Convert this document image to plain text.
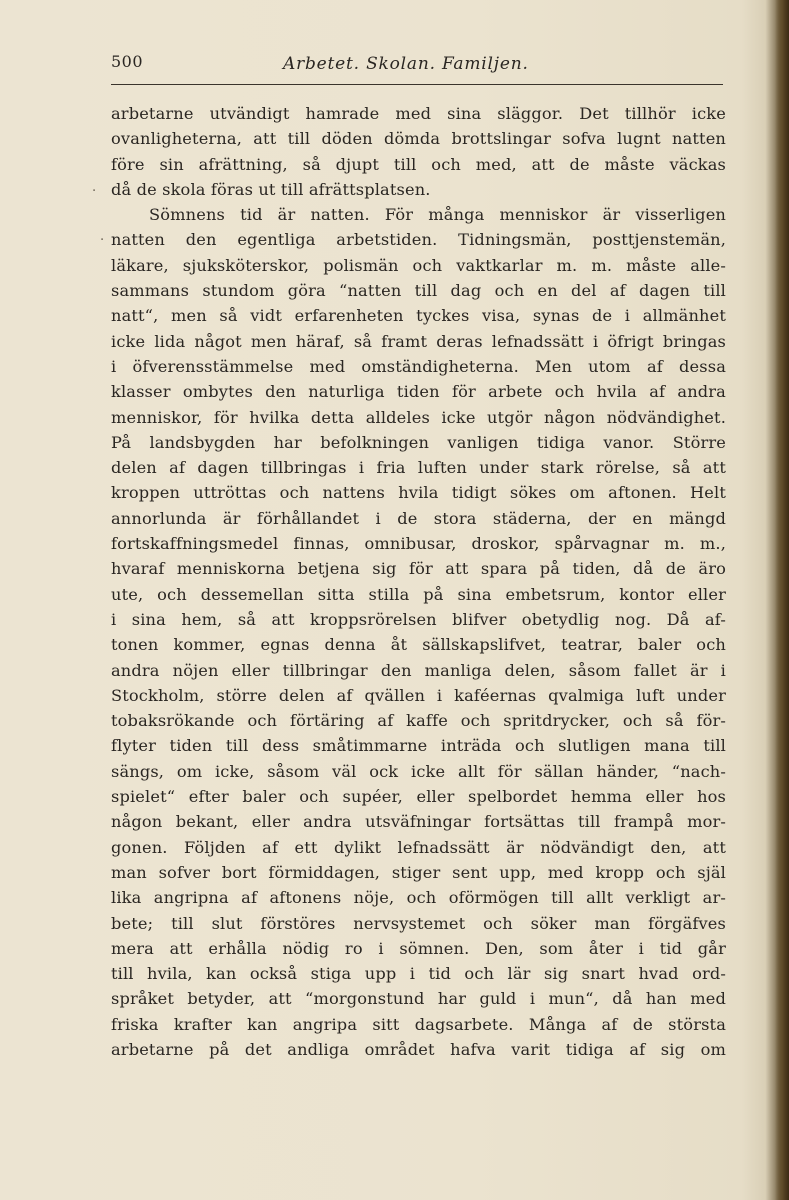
500	Arbetet. Skolan. Familjen.
.
.
arbetarne utvändigt hamrade med sina släggor. Det tillhör icke
ovanligheterna, att till döden dömda brottslingar sofva lugnt natten
före sin afrättning, så djupt till och med, att de måste väckas
då de skola föras ut till afrättsplatsen.
Sömnens tid är natten. För många menniskor är visserligen
natten den egentliga arbetstiden. Tidningsmän, posttjenstemän,
läkare, sjuksköterskor, polismän och vaktkarlar m. m. måste alle-
sammans stundom göra “natten till dag och en del af dagen till
natt“, men så vidt erfarenheten tyckes visa, synas de i allmänhet
icke lida något men häraf, så framt deras lefnadssätt i öfrigt bringas
i öfverensstämmelse med omständigheterna. Men utom af dessa
klasser ombytes den naturliga tiden för arbete och hvila af andra
menniskor, för hvilka detta alldeles icke utgör någon nödvändighet.
På landsbygden har befolkningen vanligen tidiga vanor. Större
delen af dagen tillbringas i fria luften under stark rörelse, så att
kroppen uttröttas och nattens hvila tidigt sökes om aftonen. Helt
annorlunda är förhållandet i de stora städerna, der en mängd
fortskaffningsmedel finnas, omnibusar, droskor, spårvagnar m. m.,
hvaraf menniskorna betjena sig för att spara på tiden, då de äro
ute, och dessemellan sitta stilla på sina embetsrum, kontor eller
i sina hem, så att kroppsrörelsen blifver obetydlig nog. Då af-
tonen kommer, egnas denna åt sällskapslifvet, teatrar, baler och
andra nöjen eller tillbringar den manliga delen, såsom fallet är i
Stockholm, större delen af qvällen i kaféernas qvalmiga luft under
tobaksrökande och förtäring af kaffe och spritdrycker, och så för-
flyter tiden till dess småtimmarne inträda och slutligen mana till
sängs, om icke, såsom väl ock icke allt för sällan händer, “nach-
spielet“ efter baler och supéer, eller spelbordet hemma eller hos
någon bekant, eller andra utsväfningar fortsättas till frampå mor-
gonen. Följden af ett dylikt lefnadssätt är nödvändigt den, att
man sofver bort förmiddagen, stiger sent upp, med kropp och själ
lika angripna af aftonens nöje, och oförmögen till allt verkligt ar-
bete; till slut förstöres nervsystemet och söker man förgäfves
mera att erhålla nödig ro i sömnen. Den, som åter i tid går
till hvila, kan också stiga upp i tid och lär sig snart hvad ord-
språket betyder, att “morgonstund har guld i mun“, då han med
friska krafter kan angripa sitt dagsarbete. Många af de största
arbetarne på det andliga området hafva varit tidiga af sig om
